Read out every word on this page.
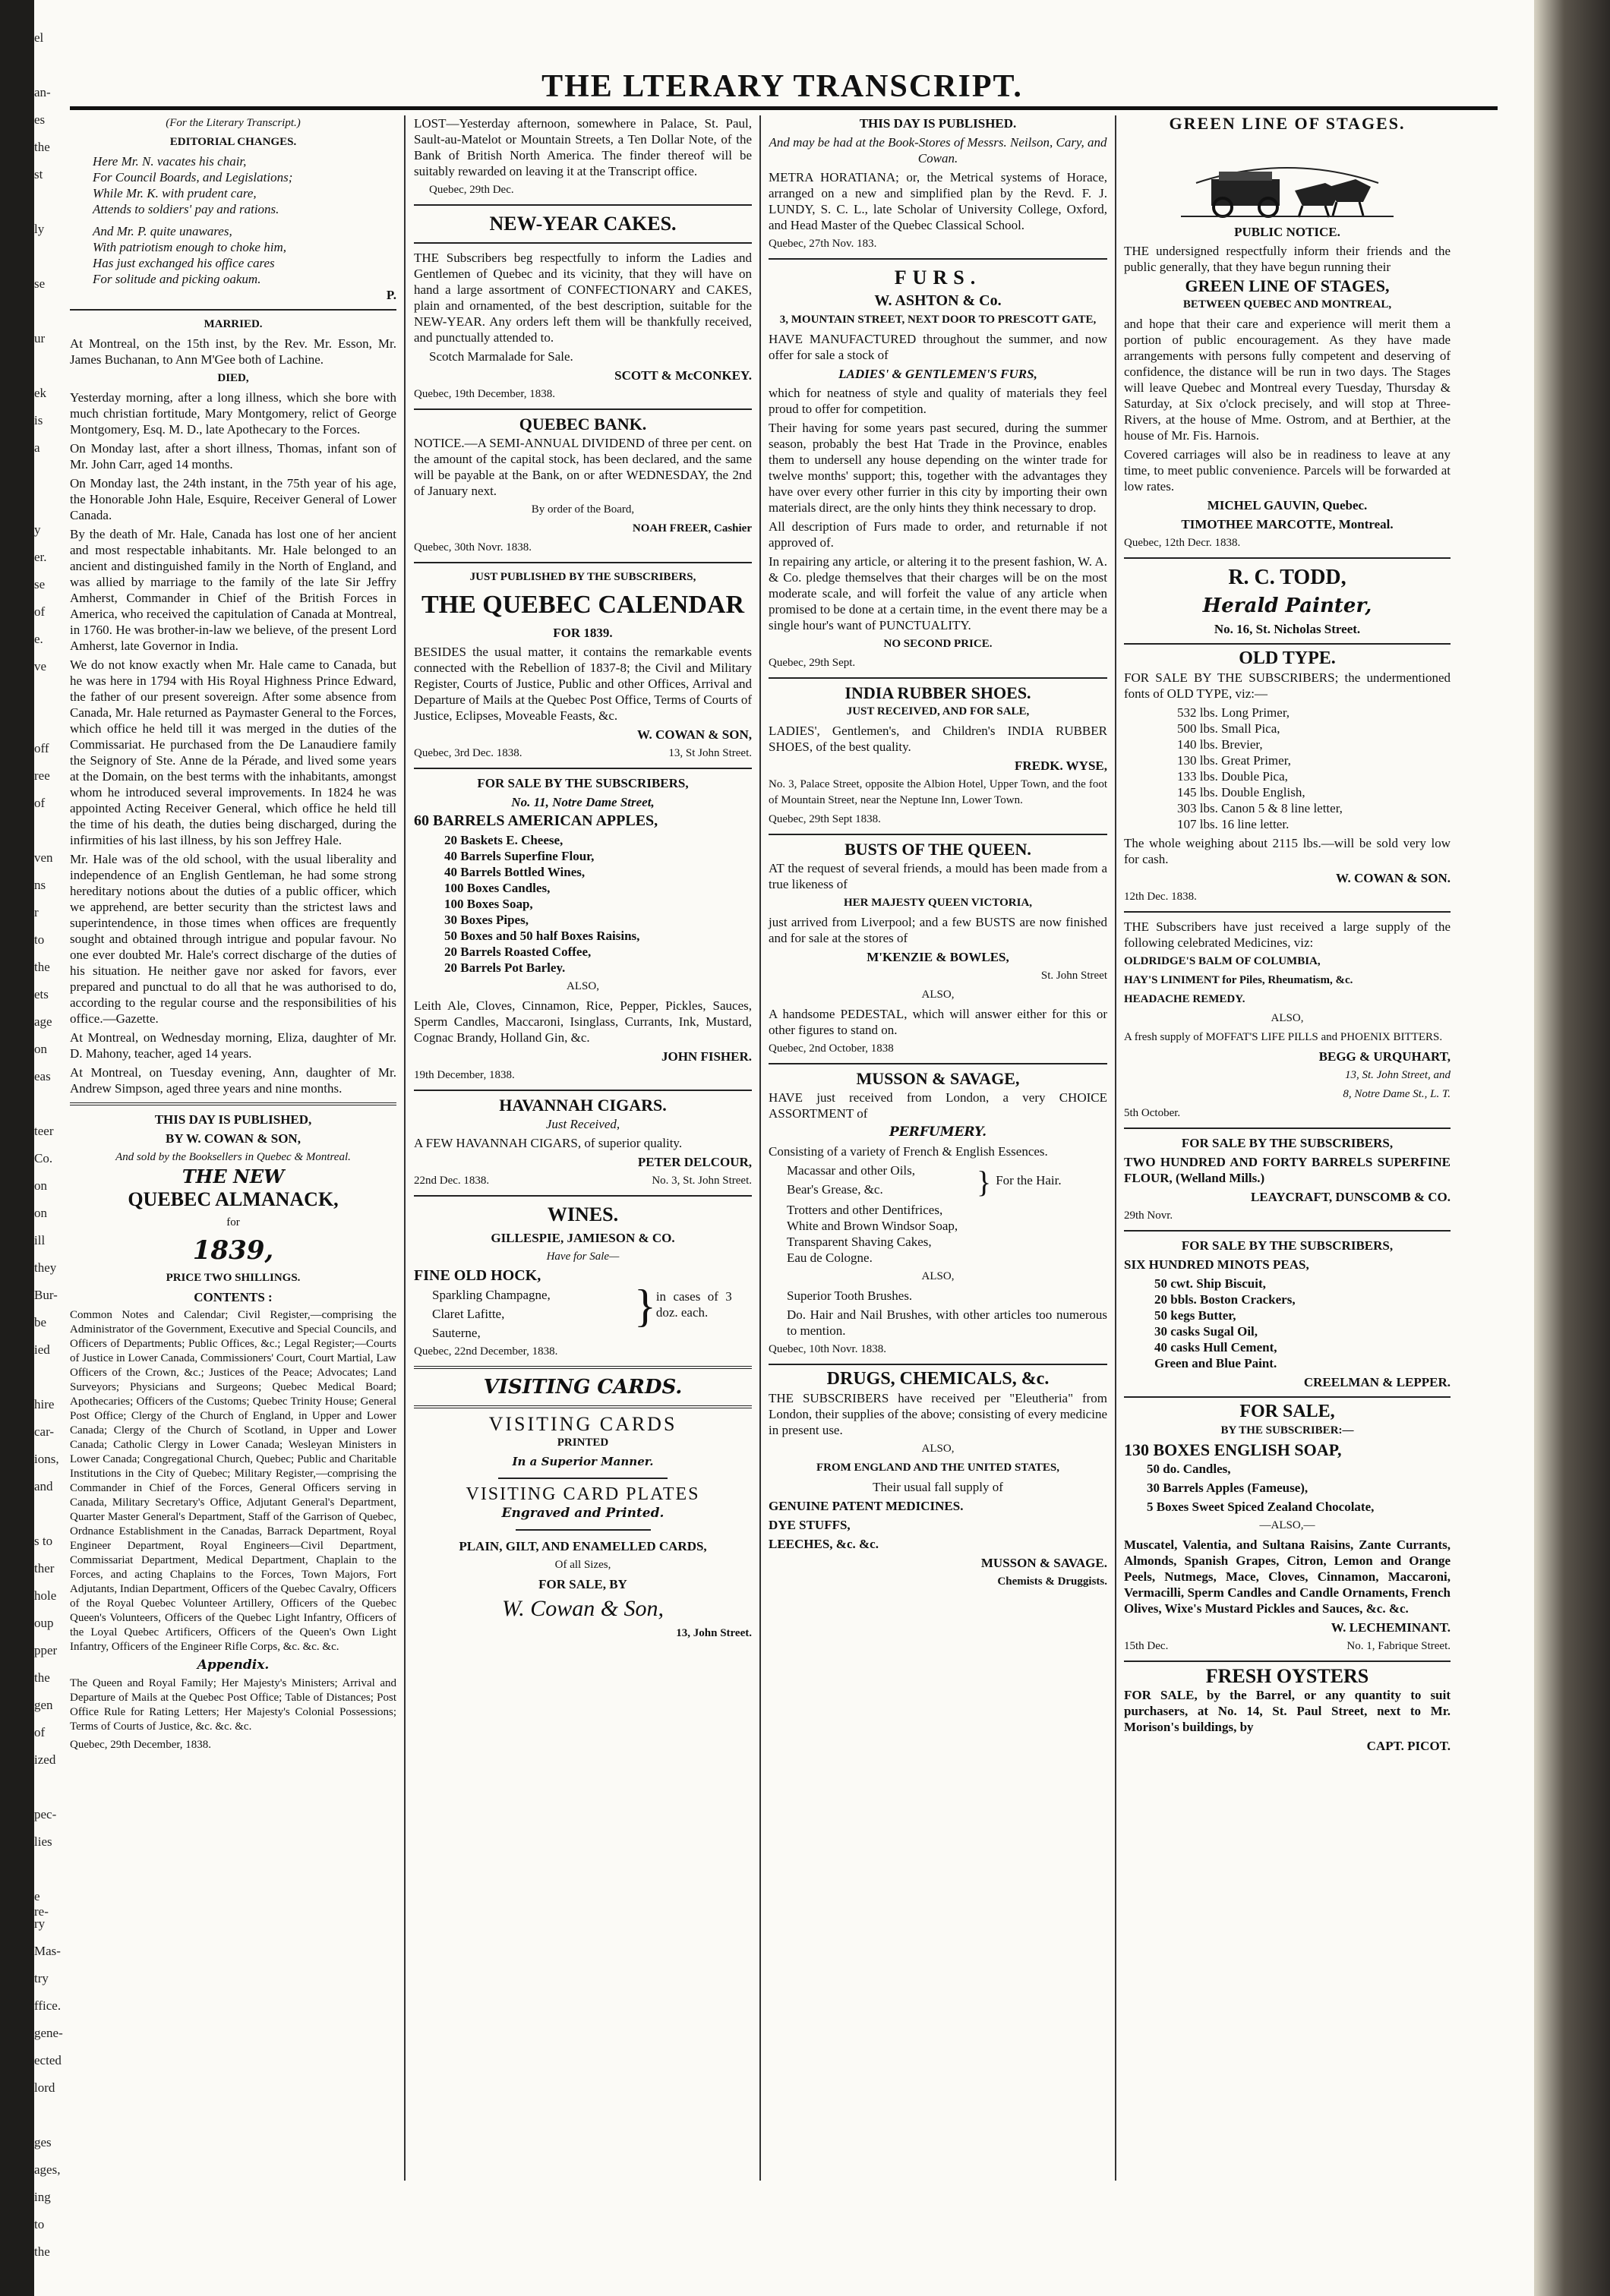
el
an-
es
the
st
ly
se
ur
ek
is
a
y
er.
se
of
e.
ve
off
ree
of
ven
ns
r
to
the
ets
age
on
eas
teer
Co.
on
on
ill
they
Bur-
be
ied
hire
car-
ions,
and
s to
ther
hole
oup
pper
the
gen
of
ized
pec-
lies
e re-
ry
Mas-
try
ffice.
gene-
ected
lord
ges
ages,
ing
to
the
THE LTERARY TRANSCRIPT.

(For the Literary Transcript.)

EDITORIAL CHANGES.

Here Mr. N. vacates his chair,

For Council Boards, and Legislations;

While Mr. K. with prudent care,

Attends to soldiers' pay and rations.

And Mr. P. quite unawares,

With patriotism enough to choke him,

Has just exchanged his office cares

For solitude and picking oakum.

P.

MARRIED.

At Montreal, on the 15th inst, by the Rev. Mr. Esson, Mr. James Buchanan, to Ann M'Gee both of Lachine.

DIED,

Yesterday morning, after a long illness, which she bore with much christian fortitude, Mary Montgomery, relict of George Montgomery, Esq. M. D., late Apothecary to the Forces.

On Monday last, after a short illness, Thomas, infant son of Mr. John Carr, aged 14 months.

On Monday last, the 24th instant, in the 75th year of his age, the Honorable John Hale, Esquire, Receiver General of Lower Canada.

By the death of Mr. Hale, Canada has lost one of her ancient and most respectable inhabitants. Mr. Hale belonged to an ancient and distinguished family in the North of England, and was allied by marriage to the family of the late Sir Jeffry Amherst, Commander in Chief of the British Forces in America, who received the capitulation of Canada at Montreal, in 1760. He was brother-in-law we believe, of the present Lord Amherst, late Governor in India.

We do not know exactly when Mr. Hale came to Canada, but he was here in 1794 with His Royal Highness Prince Edward, the father of our present sovereign. After some absence from Canada, Mr. Hale returned as Paymaster General to the Forces, which office he held till it was merged in the duties of the Commissariat. He purchased from the De Lanaudiere family the Seignory of Ste. Anne de la Pérade, and lived some years at the Domain, on the best terms with the inhabitants, amongst whom he introduced several improvements. In 1824 he was appointed Acting Receiver General, which office he held till the time of his death, the duties being discharged, during the infirmities of his last illness, by his son Jeffrey Hale.

Mr. Hale was of the old school, with the usual liberality and independence of an English Gentleman, he had some strong hereditary notions about the duties of a public officer, which we apprehend, are better security than the strictest laws and superintendence, in those times when offices are frequently sought and obtained through intrigue and popular favour. No one ever doubted Mr. Hale's correct discharge of the duties of his situation. He neither gave nor asked for favors, ever prepared and punctual to do all that he was authorised to do, according to the regular course and the responsibilities of his office.—Gazette.

At Montreal, on Wednesday morning, Eliza, daughter of Mr. D. Mahony, teacher, aged 14 years.

At Montreal, on Tuesday evening, Ann, daughter of Mr. Andrew Simpson, aged three years and nine months.

THIS DAY IS PUBLISHED,

BY W. COWAN & SON,

And sold by the Booksellers in Quebec & Montreal.

THE NEW

QUEBEC ALMANACK,

for

1839,

PRICE TWO SHILLINGS.

CONTENTS :

Common Notes and Calendar; Civil Register,—comprising the Administrator of the Government, Executive and Special Councils, and Officers of Departments; Public Offices, &c.; Legal Register;—Courts of Justice in Lower Canada, Commissioners' Court, Court Martial, Law Officers of the Crown, &c.; Justices of the Peace; Advocates; Land Surveyors; Physicians and Surgeons; Quebec Medical Board; Apothecaries; Officers of the Customs; Quebec Trinity House; General Post Office; Clergy of the Church of England, in Upper and Lower Canada; Clergy of the Church of Scotland, in Upper and Lower Canada; Catholic Clergy in Lower Canada; Wesleyan Ministers in Lower Canada; Congregational Church, Quebec; Public and Charitable Institutions in the City of Quebec; Military Register,—comprising the Commander in Chief of the Forces, General Officers serving in Canada, Military Secretary's Office, Adjutant General's Department, Quarter Master General's Department, Staff of the Garrison of Quebec, Ordnance Establishment in the Canadas, Barrack Department, Royal Engineer Department, Royal Engineers—Civil Department, Commissariat Department, Medical Department, Chaplain to the Forces, and acting Chaplains to the Forces, Town Majors, Fort Adjutants, Indian Department, Officers of the Quebec Cavalry, Officers of the Royal Quebec Volunteer Artillery, Officers of the Quebec Queen's Volunteers, Officers of the Quebec Light Infantry, Officers of the Loyal Quebec Artificers, Officers of the Queen's Own Light Infantry, Officers of the Engineer Rifle Corps, &c. &c. &c.

Appendix.

The Queen and Royal Family; Her Majesty's Ministers; Arrival and Departure of Mails at the Quebec Post Office; Table of Distances; Post Office Rule for Rating Letters; Her Majesty's Colonial Possessions; Terms of Courts of Justice, &c. &c. &c.

Quebec, 29th December, 1838.

LOST—Yesterday afternoon, somewhere in Palace, St. Paul, Sault-au-Matelot or Mountain Streets, a Ten Dollar Note, of the Bank of British North America. The finder thereof will be suitably rewarded on leaving it at the Transcript office.

Quebec, 29th Dec.

NEW-YEAR CAKES.

THE Subscribers beg respectfully to inform the Ladies and Gentlemen of Quebec and its vicinity, that they will have on hand a large assortment of CONFECTIONARY and CAKES, plain and ornamented, of the best description, suitable for the NEW-YEAR. Any orders left them will be thankfully received, and punctually attended to.

Scotch Marmalade for Sale.

SCOTT & McCONKEY.

Quebec, 19th December, 1838.

QUEBEC BANK.

NOTICE.—A SEMI-ANNUAL DIVIDEND of three per cent. on the amount of the capital stock, has been declared, and the same will be payable at the Bank, on or after WEDNESDAY, the 2nd of January next.

By order of the Board,

NOAH FREER, Cashier

Quebec, 30th Novr. 1838.

JUST PUBLISHED BY THE SUBSCRIBERS,

THE QUEBEC CALENDAR

FOR 1839.

BESIDES the usual matter, it contains the remarkable events connected with the Rebellion of 1837-8; the Civil and Military Register, Courts of Justice, Public and other Offices, Arrival and Departure of Mails at the Quebec Post Office, Terms of Courts of Justice, Eclipses, Moveable Feasts, &c.

W. COWAN & SON,

Quebec, 3rd Dec. 1838.	13, St John Street.

FOR SALE BY THE SUBSCRIBERS,

No. 11, Notre Dame Street,

60 BARRELS AMERICAN APPLES,

20 Baskets E. Cheese,
40 Barrels Superfine Flour,
40 Barrels Bottled Wines,
100 Boxes Candles,
100 Boxes Soap,
30 Boxes Pipes,
50 Boxes and 50 half Boxes Raisins,
20 Barrels Roasted Coffee,
20 Barrels Pot Barley.

ALSO,

Leith Ale, Cloves, Cinnamon, Rice, Pepper, Pickles, Sauces, Sperm Candles, Maccaroni, Isinglass, Currants, Ink, Mustard, Cognac Brandy, Holland Gin, &c.

JOHN FISHER.

19th December, 1838.

HAVANNAH CIGARS.

Just Received,

A FEW HAVANNAH CIGARS, of superior quality.

PETER DELCOUR,

22nd Dec. 1838.	No. 3, St. John Street.

WINES.

GILLESPIE, JAMIESON & CO.

Have for Sale—

FINE OLD HOCK,

Sparkling Champagne,

Claret Lafitte,

Sauterne,

} in cases of 3 doz. each.

Quebec, 22nd December, 1838.

VISITING CARDS.

VISITING CARDS

PRINTED

In a Superior Manner.

VISITING CARD PLATES

Engraved and Printed.

PLAIN, GILT, AND ENAMELLED CARDS,

Of all Sizes,

FOR SALE, BY

W. Cowan & Son,

13, John Street.

THIS DAY IS PUBLISHED.

And may be had at the Book-Stores of Messrs. Neilson, Cary, and Cowan.

METRA HORATIANA; or, the Metrical systems of Horace, arranged on a new and simplified plan by the Revd. F. J. LUNDY, S. C. L., late Scholar of University College, Oxford, and Head Master of the Quebec Classical School.

Quebec, 27th Nov. 183.

FURS.

W. ASHTON & Co.

3, MOUNTAIN STREET, NEXT DOOR TO PRESCOTT GATE,

HAVE MANUFACTURED throughout the summer, and now offer for sale a stock of

LADIES' & GENTLEMEN'S FURS,

which for neatness of style and quality of materials they feel proud to offer for competition.

Their having for some years past secured, during the summer season, probably the best Hat Trade in the Province, enables them to undersell any house depending on the winter trade for twelve months' support; this, together with the advantages they have over every other furrier in this city by importing their own materials direct, are the only hints they think necessary to drop.

All description of Furs made to order, and returnable if not approved of.

In repairing any article, or altering it to the present fashion, W. A. & Co. pledge themselves that their charges will be on the most moderate scale, and will forfeit the value of any article when promised to be done at a certain time, in the event there may be a single hour's want of PUNCTUALITY.

NO SECOND PRICE.

Quebec, 29th Sept.

INDIA RUBBER SHOES.

JUST RECEIVED, AND FOR SALE,

LADIES', Gentlemen's, and Children's INDIA RUBBER SHOES, of the best quality.

FREDK. WYSE,

No. 3, Palace Street, opposite the Albion Hotel, Upper Town, and the foot of Mountain Street, near the Neptune Inn, Lower Town.

Quebec, 29th Sept 1838.

BUSTS OF THE QUEEN.

AT the request of several friends, a mould has been made from a true likeness of

HER MAJESTY QUEEN VICTORIA,

just arrived from Liverpool; and a few BUSTS are now finished and for sale at the stores of

M'KENZIE & BOWLES,

St. John Street

ALSO,

A handsome PEDESTAL, which will answer either for this or other figures to stand on.

Quebec, 2nd October, 1838

MUSSON & SAVAGE,

HAVE just received from London, a very CHOICE ASSORTMENT of

PERFUMERY.

Consisting of a variety of French & English Essences.

Macassar and other Oils,

Bear's Grease, &c.	} For the Hair.

Trotters and other Dentifrices,
White and Brown Windsor Soap,
Transparent Shaving Cakes,
Eau de Cologne.

ALSO,

Superior Tooth Brushes.

Do. Hair and Nail Brushes, with other articles too numerous to mention.

Quebec, 10th Novr. 1838.

DRUGS, CHEMICALS, &c.

THE SUBSCRIBERS have received per "Eleutheria" from London, their supplies of the above; consisting of every medicine in present use.

ALSO,

FROM ENGLAND AND THE UNITED STATES,

Their usual fall supply of

GENUINE PATENT MEDICINES.

DYE STUFFS,

LEECHES, &c. &c.

MUSSON & SAVAGE.

Chemists & Druggists.

GREEN LINE OF STAGES.

PUBLIC NOTICE.

THE undersigned respectfully inform their friends and the public generally, that they have begun running their

GREEN LINE OF STAGES,

BETWEEN QUEBEC AND MONTREAL,

and hope that their care and experience will merit them a portion of public encouragement. As they have made arrangements with persons fully competent and deserving of confidence, the distance will be run in two days. The Stages will leave Quebec and Montreal every Tuesday, Thursday & Saturday, at Six o'clock precisely, and will stop at Three-Rivers, at the house of Mme. Ostrom, and at Berthier, at the house of Mr. Fis. Harnois.

Covered carriages will also be in readiness to leave at any time, to meet public convenience. Parcels will be forwarded at low rates.

MICHEL GAUVIN, Quebec.

TIMOTHEE MARCOTTE, Montreal.

Quebec, 12th Decr. 1838.

R. C. TODD,

Herald Painter,

No. 16, St. Nicholas Street.

OLD TYPE.

FOR SALE BY THE SUBSCRIBERS; the undermentioned fonts of OLD TYPE, viz:—

532 lbs. Long Primer,
500 lbs. Small Pica,
140 lbs. Brevier,
130 lbs. Great Primer,
133 lbs. Double Pica,
145 lbs. Double English,
303 lbs. Canon 5 & 8 line letter,
107 lbs. 16 line letter.

The whole weighing about 2115 lbs.—will be sold very low for cash.

W. COWAN & SON.

12th Dec. 1838.

THE Subscribers have just received a large supply of the following celebrated Medicines, viz:

OLDRIDGE'S BALM OF COLUMBIA,

HAY'S LINIMENT for Piles, Rheumatism, &c.

HEADACHE REMEDY.

ALSO,

A fresh supply of MOFFAT'S LIFE PILLS and PHOENIX BITTERS.

BEGG & URQUHART,

13, St. John Street, and

8, Notre Dame St., L. T.

5th October.

FOR SALE BY THE SUBSCRIBERS,

TWO HUNDRED AND FORTY BARRELS SUPERFINE FLOUR, (Welland Mills.)

LEAYCRAFT, DUNSCOMB & CO.

29th Novr.

FOR SALE BY THE SUBSCRIBERS,

SIX HUNDRED MINOTS PEAS,

50 cwt. Ship Biscuit,
20 bbls. Boston Crackers,
50 kegs Butter,
30 casks Sugal Oil,
40 casks Hull Cement,
Green and Blue Paint.

CREELMAN & LEPPER.

FOR SALE,

BY THE SUBSCRIBER:—

130 BOXES ENGLISH SOAP,

50 do. Candles,

30 Barrels Apples (Fameuse),

5 Boxes Sweet Spiced Zealand Chocolate,

—ALSO,—

Muscatel, Valentia, and Sultana Raisins, Zante Currants, Almonds, Spanish Grapes, Citron, Lemon and Orange Peels, Nutmegs, Mace, Cloves, Cinnamon, Maccaroni, Vermacilli, Sperm Candles and Candle Ornaments, French Olives, Wixe's Mustard Pickles and Sauces, &c. &c.

W. LECHEMINANT.

15th Dec.	No. 1, Fabrique Street.

FRESH OYSTERS

FOR SALE, by the Barrel, or any quantity to suit purchasers, at No. 14, St. Paul Street, next to Mr. Morison's buildings, by

CAPT. PICOT.
